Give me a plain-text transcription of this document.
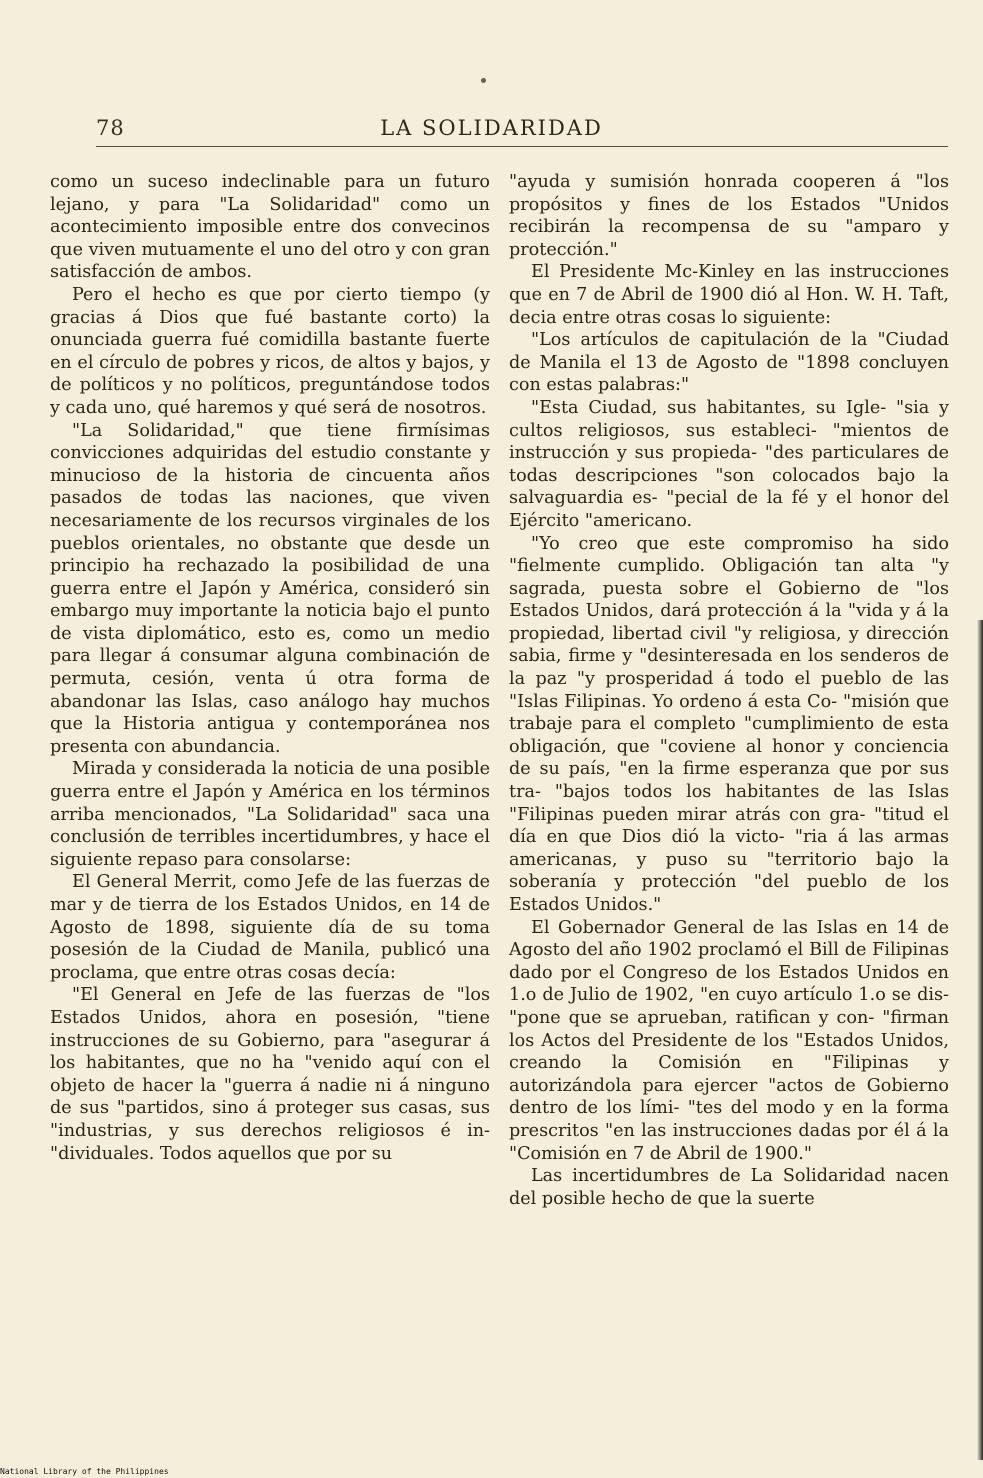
78	LA SOLIDARIDAD

como un suceso indeclinable para un futuro lejano, y para "La Solidaridad" como un acontecimiento imposible entre dos convecinos que viven mutuamente el uno del otro y con gran satisfacción de ambos.

Pero el hecho es que por cierto tiempo (y gracias á Dios que fué bastante corto) la onunciada guerra fué comidilla bastante fuerte en el círculo de pobres y ricos, de altos y bajos, y de políticos y no políticos, preguntándose todos y cada uno, qué haremos y qué será de nosotros.

"La Solidaridad," que tiene firmísimas convicciones adquiridas del estudio constante y minucioso de la historia de cincuenta años pasados de todas las naciones, que viven necesariamente de los recursos virginales de los pueblos orientales, no obstante que desde un principio ha rechazado la posibilidad de una guerra entre el Japón y América, consideró sin embargo muy importante la noticia bajo el punto de vista diplomático, esto es, como un medio para llegar á consumar alguna combinación de permuta, cesión, venta ú otra forma de abandonar las Islas, caso análogo hay muchos que la Historia antigua y contemporánea nos presenta con abundancia.

Mirada y considerada la noticia de una posible guerra entre el Japón y América en los términos arriba mencionados, "La Solidaridad" saca una conclusión de terribles incertidumbres, y hace el siguiente repaso para consolarse:

El General Merrit, como Jefe de las fuerzas de mar y de tierra de los Estados Unidos, en 14 de Agosto de 1898, siguiente día de su toma posesión de la Ciudad de Manila, publicó una proclama, que entre otras cosas decía:

"El General en Jefe de las fuerzas de "los Estados Unidos, ahora en posesión, "tiene instrucciones de su Gobierno, para "asegurar á los habitantes, que no ha "venido aquí con el objeto de hacer la "guerra á nadie ni á ninguno de sus "partidos, sino á proteger sus casas, sus "industrias, y sus derechos religiosos é in- "dividuales. Todos aquellos que por su

"ayuda y sumisión honrada cooperen á "los propósitos y fines de los Estados "Unidos recibirán la recompensa de su "amparo y protección."

El Presidente Mc-Kinley en las instrucciones que en 7 de Abril de 1900 dió al Hon. W. H. Taft, decia entre otras cosas lo siguiente:

"Los artículos de capitulación de la "Ciudad de Manila el 13 de Agosto de "1898 concluyen con estas palabras:"

"Esta Ciudad, sus habitantes, su Igle- "sia y cultos religiosos, sus estableci- "mientos de instrucción y sus propieda- "des particulares de todas descripciones "son colocados bajo la salvaguardia es- "pecial de la fé y el honor del Ejército "americano.

"Yo creo que este compromiso ha sido "fielmente cumplido. Obligación tan alta "y sagrada, puesta sobre el Gobierno de "los Estados Unidos, dará protección á la "vida y á la propiedad, libertad civil "y religiosa, y dirección sabia, firme y "desinteresada en los senderos de la paz "y prosperidad á todo el pueblo de las "Islas Filipinas. Yo ordeno á esta Co- "misión que trabaje para el completo "cumplimiento de esta obligación, que "coviene al honor y conciencia de su país, "en la firme esperanza que por sus tra- "bajos todos los habitantes de las Islas "Filipinas pueden mirar atrás con gra- "titud el día en que Dios dió la victo- "ria á las armas americanas, y puso su "territorio bajo la soberanía y protección "del pueblo de los Estados Unidos."

El Gobernador General de las Islas en 14 de Agosto del año 1902 proclamó el Bill de Filipinas dado por el Congreso de los Estados Unidos en 1.o de Julio de 1902, "en cuyo artículo 1.o se dis- "pone que se aprueban, ratifican y con- "firman los Actos del Presidente de los "Estados Unidos, creando la Comisión en "Filipinas y autorizándola para ejercer "actos de Gobierno dentro de los lími- "tes del modo y en la forma prescritos "en las instrucciones dadas por él á la "Comisión en 7 de Abril de 1900."

Las incertidumbres de La Solidaridad nacen del posible hecho de que la suerte

National Library of the Philippines
